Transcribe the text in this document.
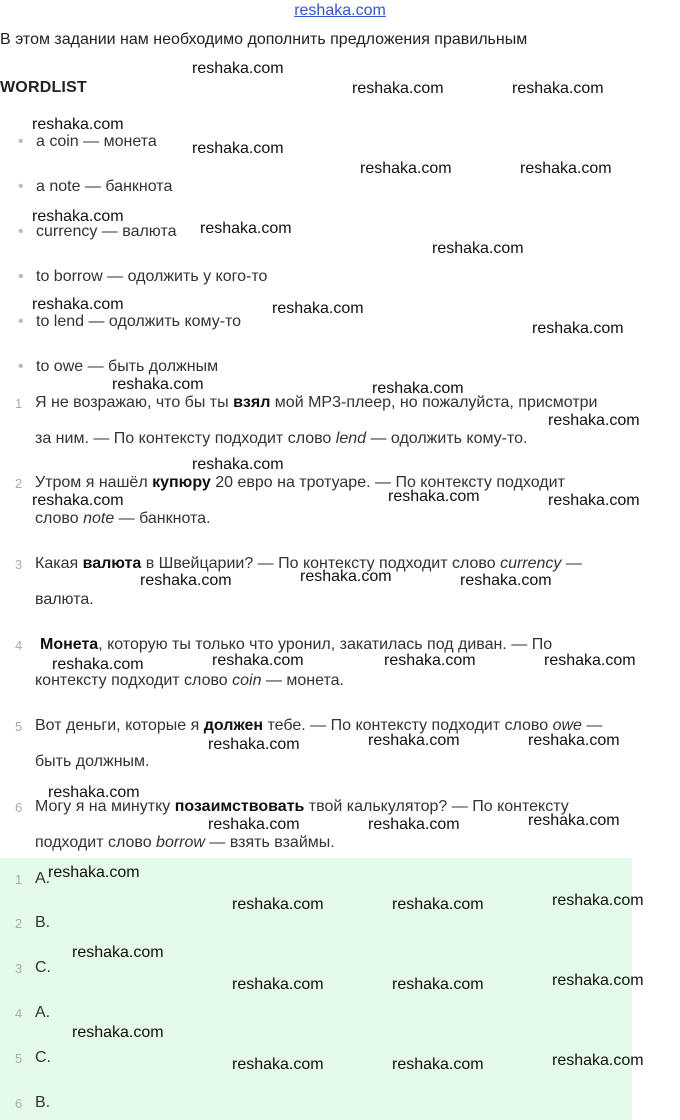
reshaka.com
В этом задании нам необходимо дополнить предложения правильным
WORDLIST
• a coin — монета
• a note — банкнота
• currency — валюта
• to borrow — одолжить у кого-то
• to lend — одолжить кому-то
• to owe — быть должным
1 Я не возражаю, что бы ты взял мой MP3-плеер, но пожалуйста, присмотри
за ним. — По контексту подходит слово lend — одолжить кому-то.
2 Утром я нашёл купюру 20 евро на тротуаре. — По контексту подходит
слово note — банкнота.
3 Какая валюта в Швейцарии? — По контексту подходит слово currency —
валюта.
4 Монета, которую ты только что уронил, закатилась под диван. — По
контексту подходит слово coin — монета.
5 Вот деньги, которые я должен тебе. — По контексту подходит слово owe —
быть должным.
6 Могу я на минутку позаимствовать твой калькулятор? — По контексту
подходит слово borrow — взять взаймы.
1 A.
2 B.
3 C.
4 A.
5 C.
6 B.
reshaka.com
reshaka.com	reshaka.com
reshaka.com
reshaka.com
reshaka.com	reshaka.com
reshaka.com
reshaka.com
reshaka.com
reshaka.com	reshaka.com
reshaka.com
reshaka.com	reshaka.com
reshaka.com
reshaka.com
reshaka.com	reshaka.com	reshaka.com
reshaka.com	reshaka.com	reshaka.com
reshaka.com	reshaka.com	reshaka.com	reshaka.com
reshaka.com	reshaka.com	reshaka.com
reshaka.com
reshaka.com	reshaka.com	reshaka.com
reshaka.com
reshaka.com	reshaka.com	reshaka.com
reshaka.com
reshaka.com	reshaka.com	reshaka.com
reshaka.com
reshaka.com	reshaka.com	reshaka.com
